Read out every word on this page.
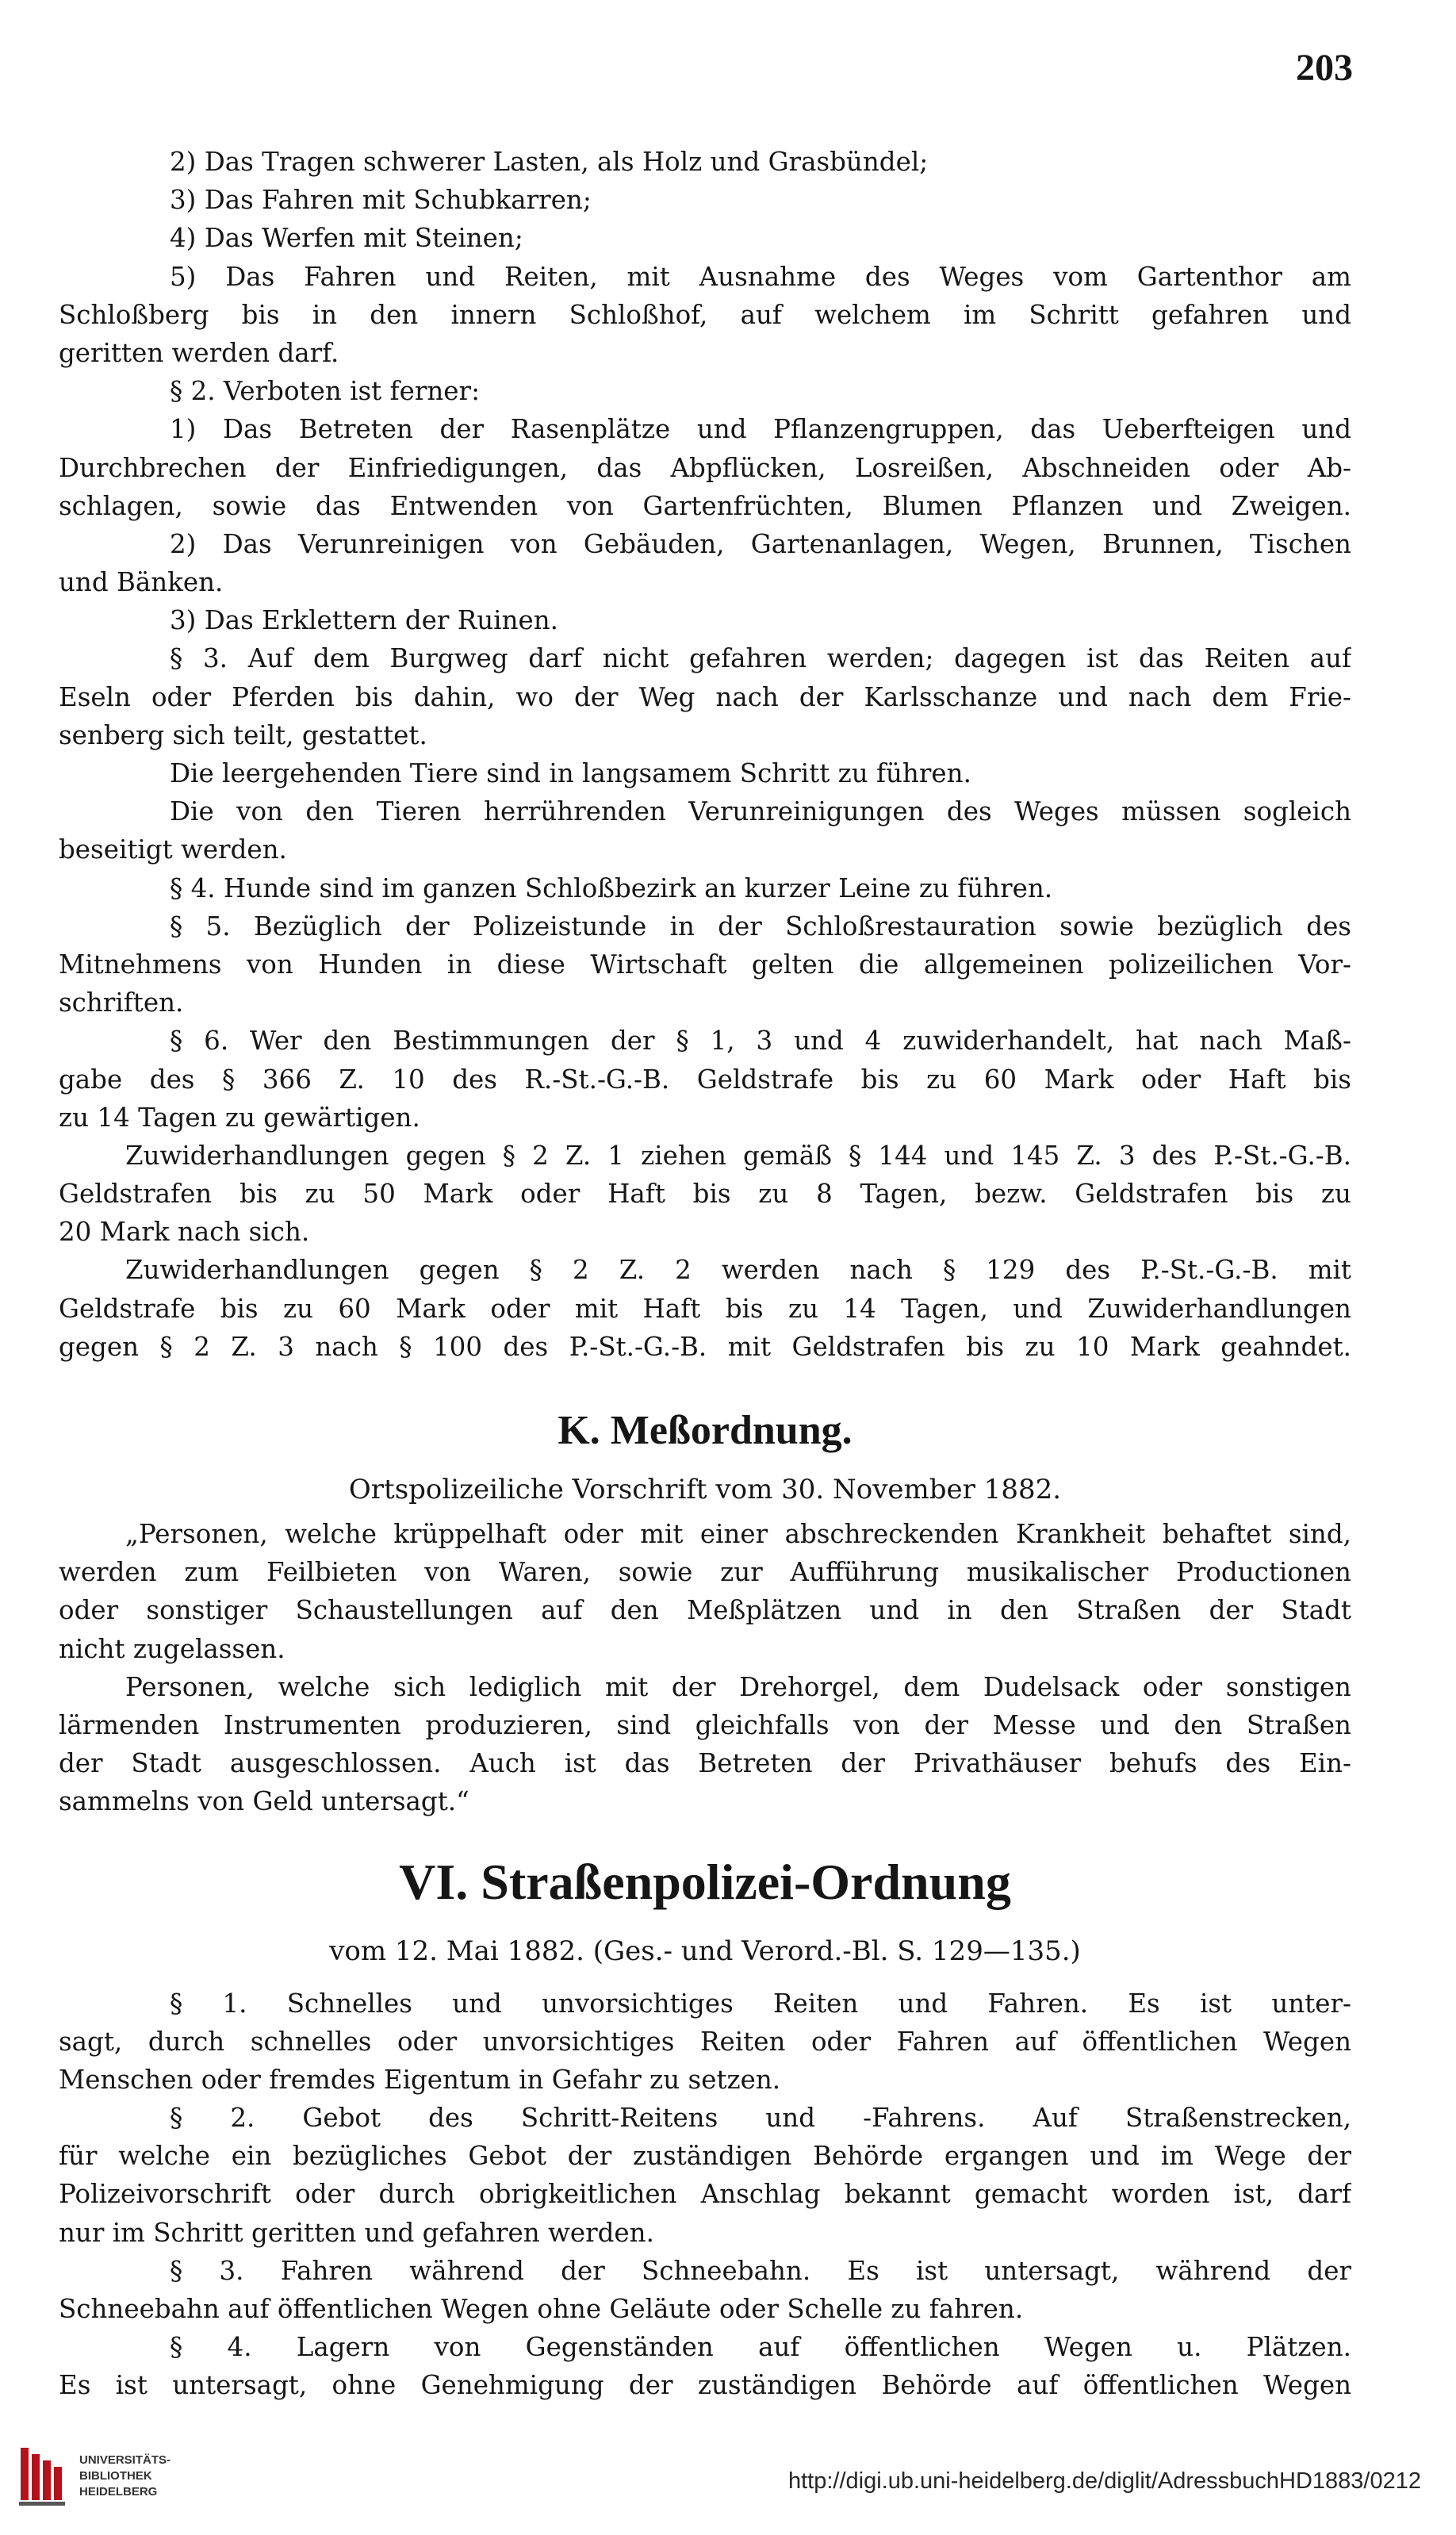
203
2) Das Tragen schwerer Lasten, als Holz und Grasbündel;
3) Das Fahren mit Schubkarren;
4) Das Werfen mit Steinen;
5) Das Fahren und Reiten, mit Ausnahme des Weges vom Gartenthor am
Schloßberg bis in den innern Schloßhof, auf welchem im Schritt gefahren und
geritten werden darf.
§ 2. Verboten ist ferner:
1) Das Betreten der Rasenplätze und Pflanzengruppen, das Ueberfteigen und
Durchbrechen der Einfriedigungen, das Abpflücken, Losreißen, Abschneiden oder Ab-
schlagen, sowie das Entwenden von Gartenfrüchten, Blumen Pflanzen und Zweigen.
2) Das Verunreinigen von Gebäuden, Gartenanlagen, Wegen, Brunnen, Tischen
und Bänken.
3) Das Erklettern der Ruinen.
§ 3. Auf dem Burgweg darf nicht gefahren werden; dagegen ist das Reiten auf
Eseln oder Pferden bis dahin, wo der Weg nach der Karlsschanze und nach dem Frie-
senberg sich teilt, gestattet.
Die leergehenden Tiere sind in langsamem Schritt zu führen.
Die von den Tieren herrührenden Verunreinigungen des Weges müssen sogleich
beseitigt werden.
§ 4. Hunde sind im ganzen Schloßbezirk an kurzer Leine zu führen.
§ 5. Bezüglich der Polizeistunde in der Schloßrestauration sowie bezüglich des
Mitnehmens von Hunden in diese Wirtschaft gelten die allgemeinen polizeilichen Vor-
schriften.
§ 6. Wer den Bestimmungen der § 1, 3 und 4 zuwiderhandelt, hat nach Maß-
gabe des § 366 Z. 10 des R.-St.-G.-B. Geldstrafe bis zu 60 Mark oder Haft bis
zu 14 Tagen zu gewärtigen.
Zuwiderhandlungen gegen § 2 Z. 1 ziehen gemäß § 144 und 145 Z. 3 des P.-St.-G.-B.
Geldstrafen bis zu 50 Mark oder Haft bis zu 8 Tagen, bezw. Geldstrafen bis zu
20 Mark nach sich.
Zuwiderhandlungen gegen § 2 Z. 2 werden nach § 129 des P.-St.-G.-B. mit
Geldstrafe bis zu 60 Mark oder mit Haft bis zu 14 Tagen, und Zuwiderhandlungen
gegen § 2 Z. 3 nach § 100 des P.-St.-G.-B. mit Geldstrafen bis zu 10 Mark geahndet.
K. Meßordnung.
Ortspolizeiliche Vorschrift vom 30. November 1882.
„Personen, welche krüppelhaft oder mit einer abschreckenden Krankheit behaftet sind,
werden zum Feilbieten von Waren, sowie zur Aufführung musikalischer Productionen
oder sonstiger Schaustellungen auf den Meßplätzen und in den Straßen der Stadt
nicht zugelassen.
Personen, welche sich lediglich mit der Drehorgel, dem Dudelsack oder sonstigen
lärmenden Instrumenten produzieren, sind gleichfalls von der Messe und den Straßen
der Stadt ausgeschlossen. Auch ist das Betreten der Privathäuser behufs des Ein-
sammelns von Geld untersagt.“
VI. Straßenpolizei-Ordnung
vom 12. Mai 1882. (Ges.- und Verord.-Bl. S. 129—135.)
§ 1. Schnelles und unvorsichtiges Reiten und Fahren. Es ist unter-
sagt, durch schnelles oder unvorsichtiges Reiten oder Fahren auf öffentlichen Wegen
Menschen oder fremdes Eigentum in Gefahr zu setzen.
§ 2. Gebot des Schritt-Reitens und -Fahrens. Auf Straßenstrecken,
für welche ein bezügliches Gebot der zuständigen Behörde ergangen und im Wege der
Polizeivorschrift oder durch obrigkeitlichen Anschlag bekannt gemacht worden ist, darf
nur im Schritt geritten und gefahren werden.
§ 3. Fahren während der Schneebahn. Es ist untersagt, während der
Schneebahn auf öffentlichen Wegen ohne Geläute oder Schelle zu fahren.
§ 4. Lagern von Gegenständen auf öffentlichen Wegen u. Plätzen.
Es ist untersagt, ohne Genehmigung der zuständigen Behörde auf öffentlichen Wegen
UNIVERSITÄTS-
BIBLIOTHEK
HEIDELBERG	http://digi.ub.uni-heidelberg.de/diglit/AdressbuchHD1883/0212
